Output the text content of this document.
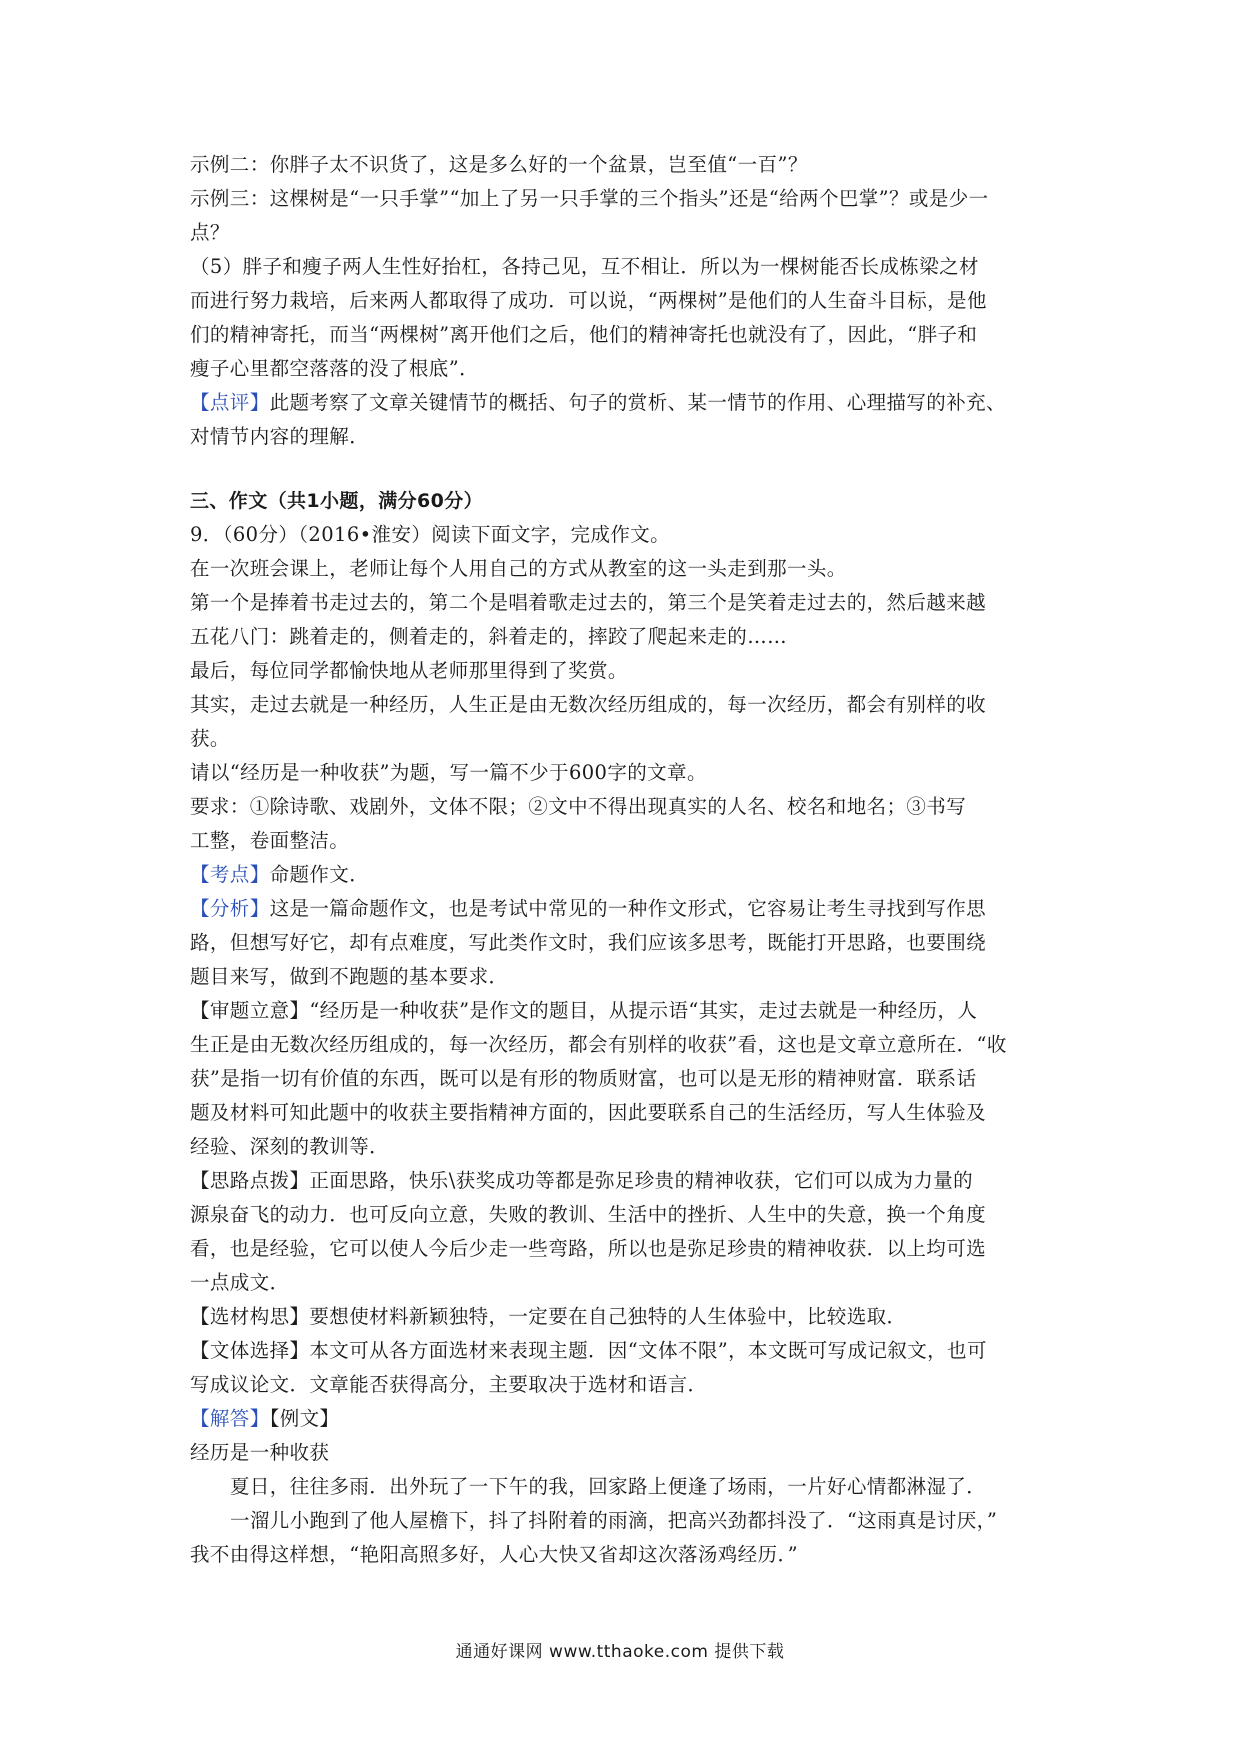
示例二：你胖子太不识货了，这是多么好的一个盆景，岂至值“一百”？
示例三：这棵树是“一只手掌”“加上了另一只手掌的三个指头”还是“给两个巴掌”？或是少一
点？
（5）胖子和瘦子两人生性好抬杠，各持己见，互不相让．所以为一棵树能否长成栋梁之材
而进行努力栽培，后来两人都取得了成功．可以说，“两棵树”是他们的人生奋斗目标，是他
们的精神寄托，而当“两棵树”离开他们之后，他们的精神寄托也就没有了，因此，“胖子和
瘦子心里都空落落的没了根底”．
【点评】此题考察了文章关键情节的概括、句子的赏析、某一情节的作用、心理描写的补充、
对情节内容的理解．
三、作文（共1小题，满分60分）
9．（60分）（2016•淮安）阅读下面文字，完成作文。
在一次班会课上，老师让每个人用自己的方式从教室的这一头走到那一头。
第一个是捧着书走过去的，第二个是唱着歌走过去的，第三个是笑着走过去的，然后越来越
五花八门：跳着走的，侧着走的，斜着走的，摔跤了爬起来走的……
最后，每位同学都愉快地从老师那里得到了奖赏。
其实，走过去就是一种经历，人生正是由无数次经历组成的，每一次经历，都会有别样的收
获。
请以“经历是一种收获”为题，写一篇不少于600字的文章。
要求：①除诗歌、戏剧外，文体不限；②文中不得出现真实的人名、校名和地名；③书写
工整，卷面整洁。
【考点】命题作文．
【分析】这是一篇命题作文，也是考试中常见的一种作文形式，它容易让考生寻找到写作思
路，但想写好它，却有点难度，写此类作文时，我们应该多思考，既能打开思路，也要围绕
题目来写，做到不跑题的基本要求．
【审题立意】“经历是一种收获”是作文的题目，从提示语“其实，走过去就是一种经历，人
生正是由无数次经历组成的，每一次经历，都会有别样的收获”看，这也是文章立意所在．“收
获”是指一切有价值的东西，既可以是有形的物质财富，也可以是无形的精神财富．联系话
题及材料可知此题中的收获主要指精神方面的，因此要联系自己的生活经历，写人生体验及
经验、深刻的教训等．
【思路点拨】正面思路，快乐\获奖成功等都是弥足珍贵的精神收获，它们可以成为力量的
源泉奋飞的动力．也可反向立意，失败的教训、生活中的挫折、人生中的失意，换一个角度
看，也是经验，它可以使人今后少走一些弯路，所以也是弥足珍贵的精神收获．以上均可选
一点成文．
【选材构思】要想使材料新颖独特，一定要在自己独特的人生体验中，比较选取．
【文体选择】本文可从各方面选材来表现主题．因“文体不限”，本文既可写成记叙文，也可
写成议论文．文章能否获得高分，主要取决于选材和语言．
【解答】【例文】
经历是一种收获
夏日，往往多雨．出外玩了一下午的我，回家路上便逢了场雨，一片好心情都淋湿了．
一溜儿小跑到了他人屋檐下，抖了抖附着的雨滴，把高兴劲都抖没了．“这雨真是讨厌，”
我不由得这样想，“艳阳高照多好，人心大快又省却这次落汤鸡经历．”
通通好课网 www.tthaoke.com 提供下载
